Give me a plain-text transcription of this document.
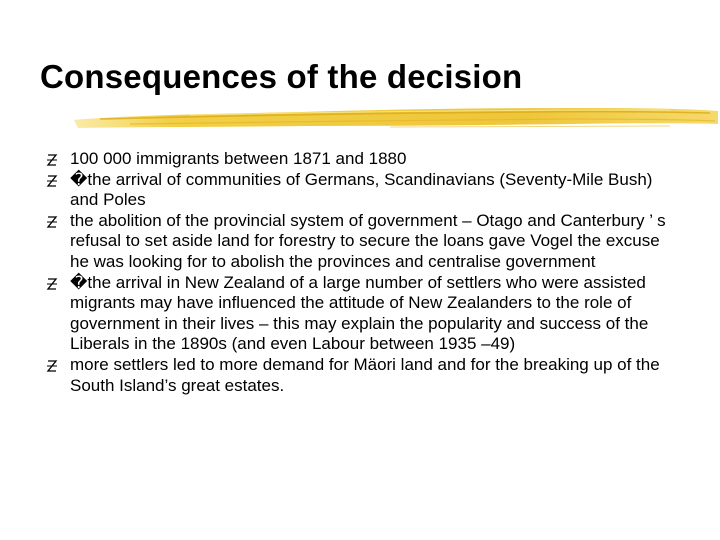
Consequences of the decision
100 000 immigrants between 1871 and 1880
�the arrival of communities of Germans, Scandinavians (Seventy-Mile Bush) and Poles
the abolition of the provincial system of government – Otago and Canterbury ’ s refusal to set aside land for forestry to secure the loans gave Vogel the excuse he was looking for to abolish the provinces and centralise government
�the arrival in New Zealand of a large number of settlers who were assisted migrants may have influenced the attitude of New Zealanders to the role of government in their lives – this may explain the popularity and success of the Liberals in the 1890s (and even Labour between 1935 –49)
more settlers led to more demand for Mäori land and for the breaking up of the South Island’s great estates.
